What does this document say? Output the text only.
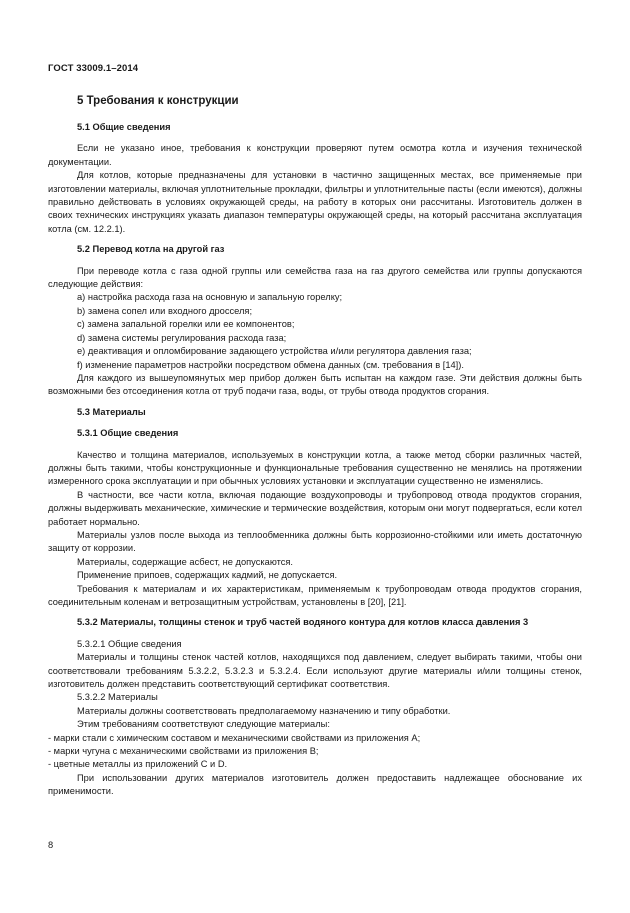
ГОСТ 33009.1–2014
5 Требования к конструкции
5.1 Общие сведения

Если не указано иное, требования к конструкции проверяют путем осмотра котла и изучения технической документации.

Для котлов, которые предназначены для установки в частично защищенных местах, все применяемые при изготовлении материалы, включая уплотнительные прокладки, фильтры и уплотнительные пасты (если имеются), должны правильно действовать в условиях окружающей среды, на работу в которых они рассчитаны. Изготовитель должен в своих технических инструкциях указать диапазон температуры окружающей среды, на который рассчитана эксплуатация котла (см. 12.2.1).

5.2 Перевод котла на другой газ

При переводе котла с газа одной группы или семейства газа на газ другого семейства или группы допускаются следующие действия:

a) настройка расхода газа на основную и запальную горелку;

b) замена сопел или входного дросселя;

c) замена запальной горелки или ее компонентов;

d) замена системы регулирования расхода газа;

e) деактивация и опломбирование задающего устройства и/или регулятора давления газа;

f) изменение параметров настройки посредством обмена данных (см. требования в [14]).

Для каждого из вышеупомянутых мер прибор должен быть испытан на каждом газе. Эти действия должны быть возможными без отсоединения котла от труб подачи газа, воды, от трубы отвода продуктов сгорания.

5.3 Материалы
5.3.1 Общие сведения

Качество и толщина материалов, используемых в конструкции котла, а также метод сборки различных частей, должны быть такими, чтобы конструкционные и функциональные требования существенно не менялись на протяжении измеренного срока эксплуатации и при обычных условиях установки и эксплуатации существенно не изменялись.

В частности, все части котла, включая подающие воздухопроводы и трубопровод отвода продуктов сгорания, должны выдерживать механические, химические и термические воздействия, которым они могут подвергаться, если котел работает нормально.

Материалы узлов после выхода из теплообменника должны быть коррозионно-стойкими или иметь достаточную защиту от коррозии.

Материалы, содержащие асбест, не допускаются.

Применение припоев, содержащих кадмий, не допускается.

Требования к материалам и их характеристикам, применяемым к трубопроводам отвода продуктов сгорания, соединительным коленам и ветрозащитным устройствам, установлены в [20], [21].

5.3.2 Материалы, толщины стенок и труб частей водяного контура для котлов класса давления 3

5.3.2.1 Общие сведения

Материалы и толщины стенок частей котлов, находящихся под давлением, следует выбирать такими, чтобы они соответствовали требованиям 5.3.2.2, 5.3.2.3 и 5.3.2.4. Если используют другие материалы и/или толщины стенок, изготовитель должен представить соответствующий сертификат соответствия.

5.3.2.2 Материалы

Материалы должны соответствовать предполагаемому назначению и типу обработки.

Этим требованиям соответствуют следующие материалы:

- марки стали с химическим составом и механическими свойствами из приложения A;

- марки чугуна с механическими свойствами из приложения B;

- цветные металлы из приложений C и D.

При использовании других материалов изготовитель должен предоставить надлежащее обоснование их применимости.

8
